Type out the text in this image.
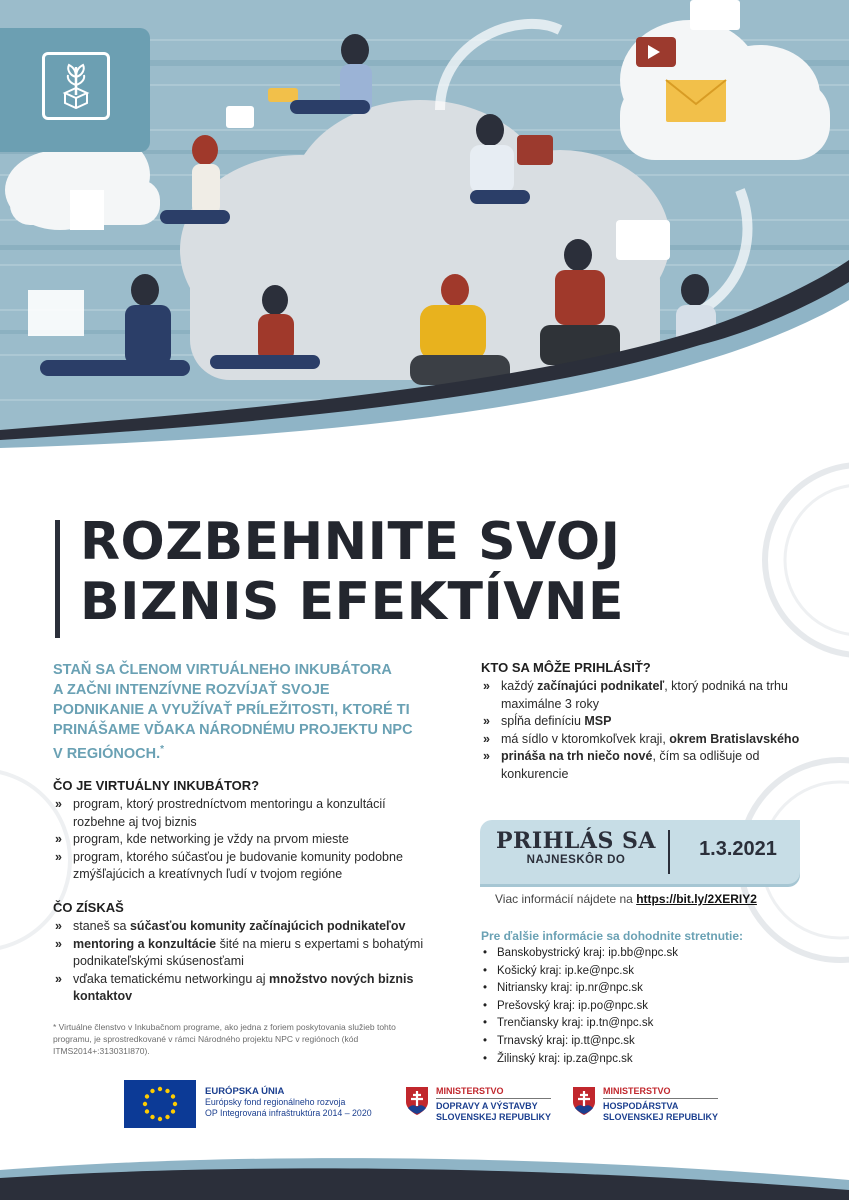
ROZBEHNITE SVOJ
BIZNIS EFEKTÍVNE
STAŇ SA ČLENOM VIRTUÁLNEHO INKUBÁTORA
A ZAČNI INTENZÍVNE ROZVÍJAŤ SVOJE
PODNIKANIE A VYUŽÍVAŤ PRÍLEŽITOSTI, KTORÉ TI
PRINÁŠAME VĎAKA NÁRODNÉMU PROJEKTU NPC
V REGIÓNOCH.*
ČO JE VIRTUÁLNY INKUBÁTOR?
» program, ktorý prostredníctvom mentoringu a konzultácií rozbehne aj tvoj biznis
» program, kde networking je vždy na prvom mieste
» program, ktorého súčasťou je budovanie komunity podobne zmýšľajúcich a kreatívnych ľudí v tvojom regióne
ČO ZÍSKAŠ
» staneš sa súčasťou komunity začínajúcich podnikateľov
» mentoring a konzultácie šité na mieru s expertami s bohatými podnikateľskými skúsenosťami
» vďaka tematickému networkingu aj množstvo nových biznis kontaktov
* Virtuálne členstvo v Inkubačnom programe, ako jedna z foriem poskytovania služieb tohto programu, je sprostredkované v rámci Národného projektu NPC v regiónoch (kód ITMS2014+:313031I870).
KTO SA MÔŽE PRIHLÁSIŤ?
» každý začínajúci podnikateľ, ktorý podniká na trhu maximálne 3 roky
» spĺňa definíciu MSP
» má sídlo v ktoromkoľvek kraji, okrem Bratislavského
» prináša na trh niečo nové, čím sa odlišuje od konkurencie
PRIHLÁS SA
NAJNESKÔR DO	1.3.2021
Viac informácií nájdete na https://bit.ly/2XERIY2
Pre ďalšie informácie sa dohodnite stretnutie:
• Banskobystrický kraj: ip.bb@npc.sk
• Košický kraj: ip.ke@npc.sk
• Nitriansky kraj: ip.nr@npc.sk
• Prešovský kraj: ip.po@npc.sk
• Trenčiansky kraj: ip.tn@npc.sk
• Trnavský kraj: ip.tt@npc.sk
• Žilinský kraj: ip.za@npc.sk
EURÓPSKA ÚNIA
Európsky fond regionálneho rozvoja
OP Integrovaná infraštruktúra 2014 – 2020
MINISTERSTVO
DOPRAVY A VÝSTAVBY
SLOVENSKEJ REPUBLIKY
MINISTERSTVO
HOSPODÁRSTVA
SLOVENSKEJ REPUBLIKY
